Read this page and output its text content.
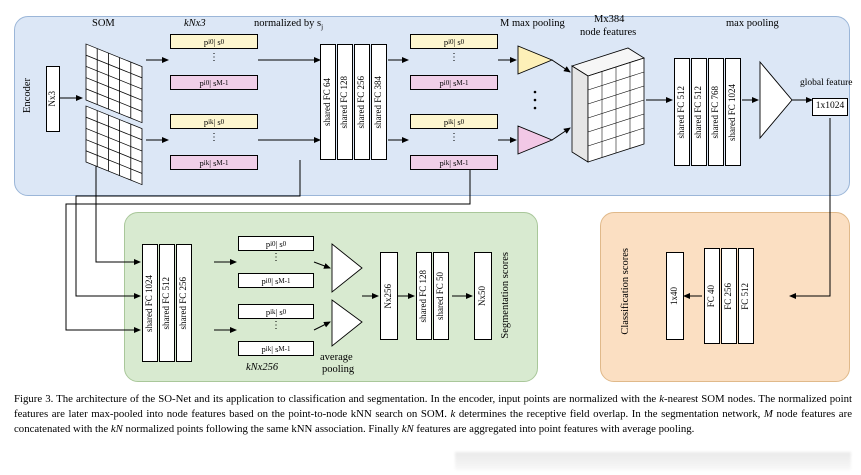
Nx3
Encoder
SOM	kNx3	normalized by $s_j$	M max pooling	Mx384
node features
max pooling
global feature
p i0 | s 0
⋮
p i0 | s M-1
p ik | s 0
⋮
p ik | s M-1
shared FC 64 shared FC 128 shared FC 256 shared FC 384
p i0 | s 0
⋮
p i0 | s M-1
p ik | s 0
⋮
p ik | s M-1
shared FC 512 shared FC 512 shared FC 768 shared FC 1024	1x1024
shared FC 1024 shared FC 512 shared FC 256
p i0 | s 0
⋮
p i0 | s M-1
p ik | s 0
⋮
p ik | s M-1
kNx256
average
pooling
Nx256	shared FC 128 shared FC 50	Nx50 Segmentation scores	Classification scores	1x40	FC 40 FC 256 FC 512
Figure 3. The architecture of the SO-Net and its application to classification and segmentation. In the encoder, input points are normalized with the k-nearest SOM nodes. The normalized point features are later max-pooled into node features based on the point-to-node kNN search on SOM. k determines the receptive field overlap. In the segmentation network, M node features are concatenated with the kN normalized points following the same kNN association. Finally kN features are aggregated into point features with average pooling.
